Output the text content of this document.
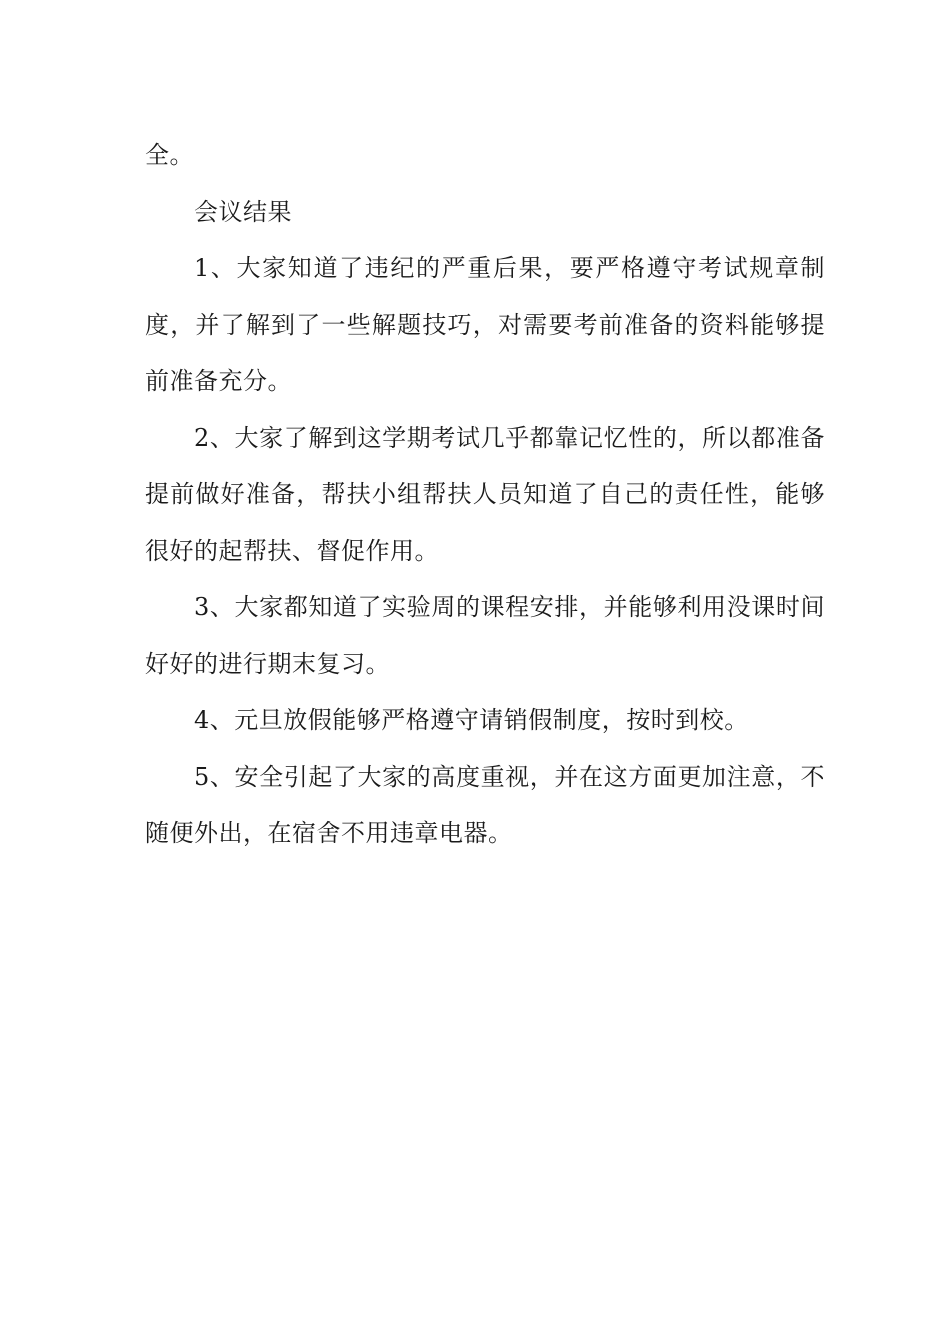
全。

会议结果

1、大家知道了违纪的严重后果，要严格遵守考试规章制度，并了解到了一些解题技巧，对需要考前准备的资料能够提前准备充分。

2、大家了解到这学期考试几乎都靠记忆性的，所以都准备提前做好准备，帮扶小组帮扶人员知道了自己的责任性，能够很好的起帮扶、督促作用。

3、大家都知道了实验周的课程安排，并能够利用没课时间好好的进行期末复习。

4、元旦放假能够严格遵守请销假制度，按时到校。

5、安全引起了大家的高度重视，并在这方面更加注意，不随便外出，在宿舍不用违章电器。
